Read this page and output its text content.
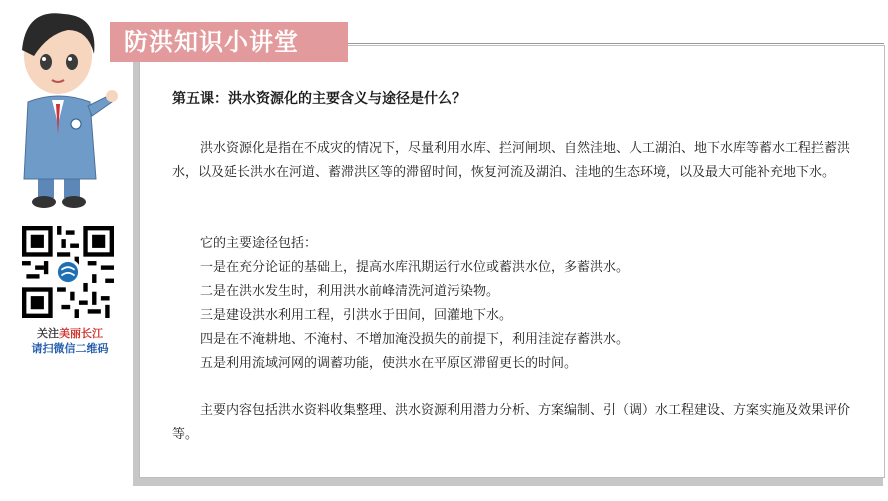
关注美丽长江
请扫微信二维码
防洪知识小讲堂
第五课：洪水资源化的主要含义与途径是什么？
洪水资源化是指在不成灾的情况下，尽量利用水库、拦河闸坝、自然洼地、人工湖泊、地下水库等蓄水工程拦蓄洪水，以及延长洪水在河道、蓄滞洪区等的滞留时间，恢复河流及湖泊、洼地的生态环境，以及最大可能补充地下水。
它的主要途径包括：
一是在充分论证的基础上，提高水库汛期运行水位或蓄洪水位，多蓄洪水。
二是在洪水发生时，利用洪水前峰清洗河道污染物。
三是建设洪水利用工程，引洪水于田间，回灌地下水。
四是在不淹耕地、不淹村、不增加淹没损失的前提下，利用洼淀存蓄洪水。
五是利用流域河网的调蓄功能，使洪水在平原区滞留更长的时间。
主要内容包括洪水资料收集整理、洪水资源利用潜力分析、方案编制、引（调）水工程建设、方案实施及效果评价等。
